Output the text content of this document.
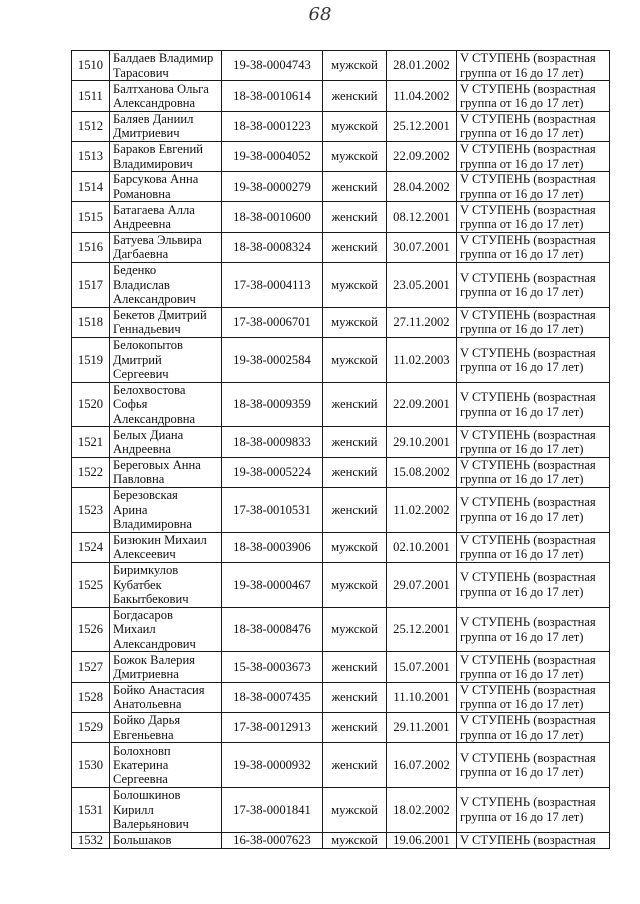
68
1510	Балдаев Владимир
Тарасович	19-38-0004743	мужской	28.01.2002	V СТУПЕНЬ (возрастная
группа от 16 до 17 лет)

1511	Балтханова Ольга
Александровна	18-38-0010614	женский	11.04.2002	V СТУПЕНЬ (возрастная
группа от 16 до 17 лет)

1512	Баляев Даниил
Дмитриевич	18-38-0001223	мужской	25.12.2001	V СТУПЕНЬ (возрастная
группа от 16 до 17 лет)

1513	Бараков Евгений
Владимирович	19-38-0004052	мужской	22.09.2002	V СТУПЕНЬ (возрастная
группа от 16 до 17 лет)

1514	Барсукова Анна
Романовна	19-38-0000279	женский	28.04.2002	V СТУПЕНЬ (возрастная
группа от 16 до 17 лет)

1515	Батагаева Алла
Андреевна	18-38-0010600	женский	08.12.2001	V СТУПЕНЬ (возрастная
группа от 16 до 17 лет)

1516	Батуева Эльвира
Дагбаевна	18-38-0008324	женский	30.07.2001	V СТУПЕНЬ (возрастная
группа от 16 до 17 лет)

1517	Беденко
Владислав
Александрович	17-38-0004113	мужской	23.05.2001	V СТУПЕНЬ (возрастная
группа от 16 до 17 лет)

1518	Бекетов Дмитрий
Геннадьевич	17-38-0006701	мужской	27.11.2002	V СТУПЕНЬ (возрастная
группа от 16 до 17 лет)

1519	Белокопытов
Дмитрий
Сергеевич	19-38-0002584	мужской	11.02.2003	V СТУПЕНЬ (возрастная
группа от 16 до 17 лет)

1520	Белохвостова
Софья
Александровна	18-38-0009359	женский	22.09.2001	V СТУПЕНЬ (возрастная
группа от 16 до 17 лет)

1521	Белых Диана
Андреевна	18-38-0009833	женский	29.10.2001	V СТУПЕНЬ (возрастная
группа от 16 до 17 лет)

1522	Береговых Анна
Павловна	19-38-0005224	женский	15.08.2002	V СТУПЕНЬ (возрастная
группа от 16 до 17 лет)

1523	Березовская
Арина
Владимировна	17-38-0010531	женский	11.02.2002	V СТУПЕНЬ (возрастная
группа от 16 до 17 лет)

1524	Бизюкин Михаил
Алексеевич	18-38-0003906	мужской	02.10.2001	V СТУПЕНЬ (возрастная
группа от 16 до 17 лет)

1525	Биримкулов
Кубатбек
Бакытбекович	19-38-0000467	мужской	29.07.2001	V СТУПЕНЬ (возрастная
группа от 16 до 17 лет)

1526	Богдасаров
Михаил
Александрович	18-38-0008476	мужской	25.12.2001	V СТУПЕНЬ (возрастная
группа от 16 до 17 лет)

1527	Божок Валерия
Дмитриевна	15-38-0003673	женский	15.07.2001	V СТУПЕНЬ (возрастная
группа от 16 до 17 лет)

1528	Бойко Анастасия
Анатольевна	18-38-0007435	женский	11.10.2001	V СТУПЕНЬ (возрастная
группа от 16 до 17 лет)

1529	Бойко Дарья
Евгеньевна	17-38-0012913	женский	29.11.2001	V СТУПЕНЬ (возрастная
группа от 16 до 17 лет)

1530	Болохновп
Екатерина
Сергеевна	19-38-0000932	женский	16.07.2002	V СТУПЕНЬ (возрастная
группа от 16 до 17 лет)

1531	Болошкинов
Кирилл
Валерьянович	17-38-0001841	мужской	18.02.2002	V СТУПЕНЬ (возрастная
группа от 16 до 17 лет)

1532	Большаков	16-38-0007623	мужской	19.06.2001	V СТУПЕНЬ (возрастная
